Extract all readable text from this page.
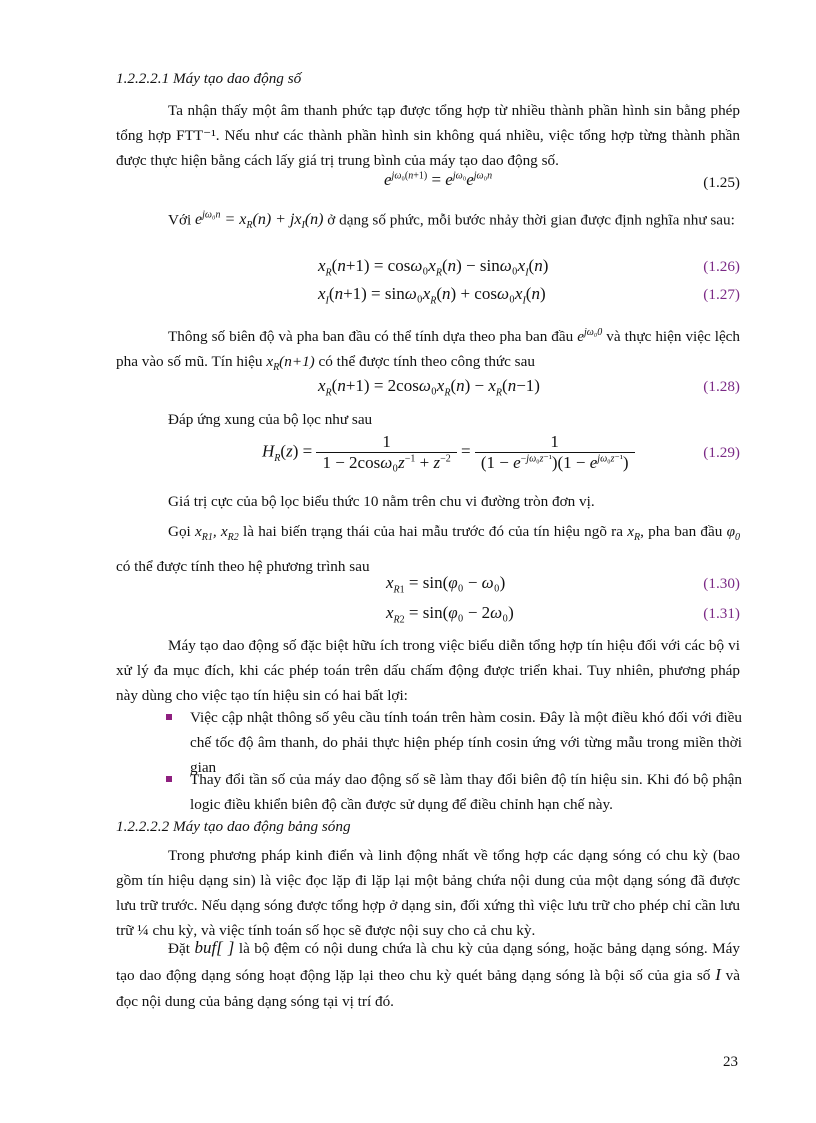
1.2.2.2.1 Máy tạo dao động số

Ta nhận thấy một âm thanh phức tạp được tổng hợp từ nhiều thành phần hình sin bằng phép tổng hợp FTT⁻¹. Nếu như các thành phần hình sin không quá nhiều, việc tổng hợp từng thành phần được thực hiện bằng cách lấy giá trị trung bình của máy tạo dao động số.

$e^{j\omega_0(n+1)} = e^{j\omega_0}e^{j\omega_0n}$	(1.25)

Với $e^{j\omega_0n} = x_R(n) + jx_I(n)$ ở dạng số phức, mỗi bước nhảy thời gian được định nghĩa như sau:

$x_R(n+1) = \cos\omega_0x_R(n) - \sin\omega_0x_I(n)$	(1.26)
$x_I(n+1) = \sin\omega_0x_R(n) + \cos\omega_0x_I(n)$	(1.27)

Thông số biên độ và pha ban đầu có thể tính dựa theo pha ban đầu $e^{j\omega_00}$ và thực hiện việc lệch pha vào số mũ. Tín hiệu $x_R(n+1)$ có thể được tính theo công thức sau

$x_R(n+1) = 2\cos\omega_0x_R(n) - x_R(n-1)$	(1.28)

Đáp ứng xung của bộ lọc như sau

$H_R(z) = \frac{1}{1 - 2\cos\omega_0z^{-1} + z^{-2}} = \frac{1}{(1 - e^{-j\omega_0z^{-1}})(1 - e^{j\omega_0z^{-1}})}$	(1.29)

Giá trị cực của bộ lọc biểu thức 10 nằm trên chu vi đường tròn đơn vị.

Gọi $x_{R1}$, $x_{R2}$ là hai biến trạng thái của hai mẫu trước đó của tín hiệu ngõ ra $x_R$, pha ban đầu $\varphi_0$ có thể được tính theo hệ phương trình sau

$x_{R1} = \sin(\varphi_0 - \omega_0)$	(1.30)
$x_{R2} = \sin(\varphi_0 - 2\omega_0)$	(1.31)

Máy tạo dao động số đặc biệt hữu ích trong việc biểu diễn tổng hợp tín hiệu đối với các bộ vi xử lý đa mục đích, khi các phép toán trên dấu chấm động được triển khai. Tuy nhiên, phương pháp này dùng cho việc tạo tín hiệu sin có hai bất lợi:

Việc cập nhật thông số yêu cầu tính toán trên hàm cosin. Đây là một điều khó đối với điều chế tốc độ âm thanh, do phải thực hiện phép tính cosin ứng với từng mẫu trong miền thời gian
Thay đổi tần số của máy dao động số sẽ làm thay đổi biên độ tín hiệu sin. Khi đó bộ phận logic điều khiển biên độ cần được sử dụng để điều chỉnh hạn chế này.
1.2.2.2.2 Máy tạo dao động bảng sóng

Trong phương pháp kinh điển và linh động nhất về tổng hợp các dạng sóng có chu kỳ (bao gồm tín hiệu dạng sin) là việc đọc lặp đi lặp lại một bảng chứa nội dung của một dạng sóng đã được lưu trữ trước. Nếu dạng sóng được tổng hợp ở dạng sin, đối xứng thì việc lưu trữ cho phép chỉ cần lưu trữ ¼ chu kỳ, và việc tính toán số học sẽ được nội suy cho cả chu kỳ.

Đặt buf[ ] là bộ đệm có nội dung chứa là chu kỳ của dạng sóng, hoặc bảng dạng sóng. Máy tạo dao động dạng sóng hoạt động lặp lại theo chu kỳ quét bảng dạng sóng là bội số của gia số I và đọc nội dung của bảng dạng sóng tại vị trí đó.

23
